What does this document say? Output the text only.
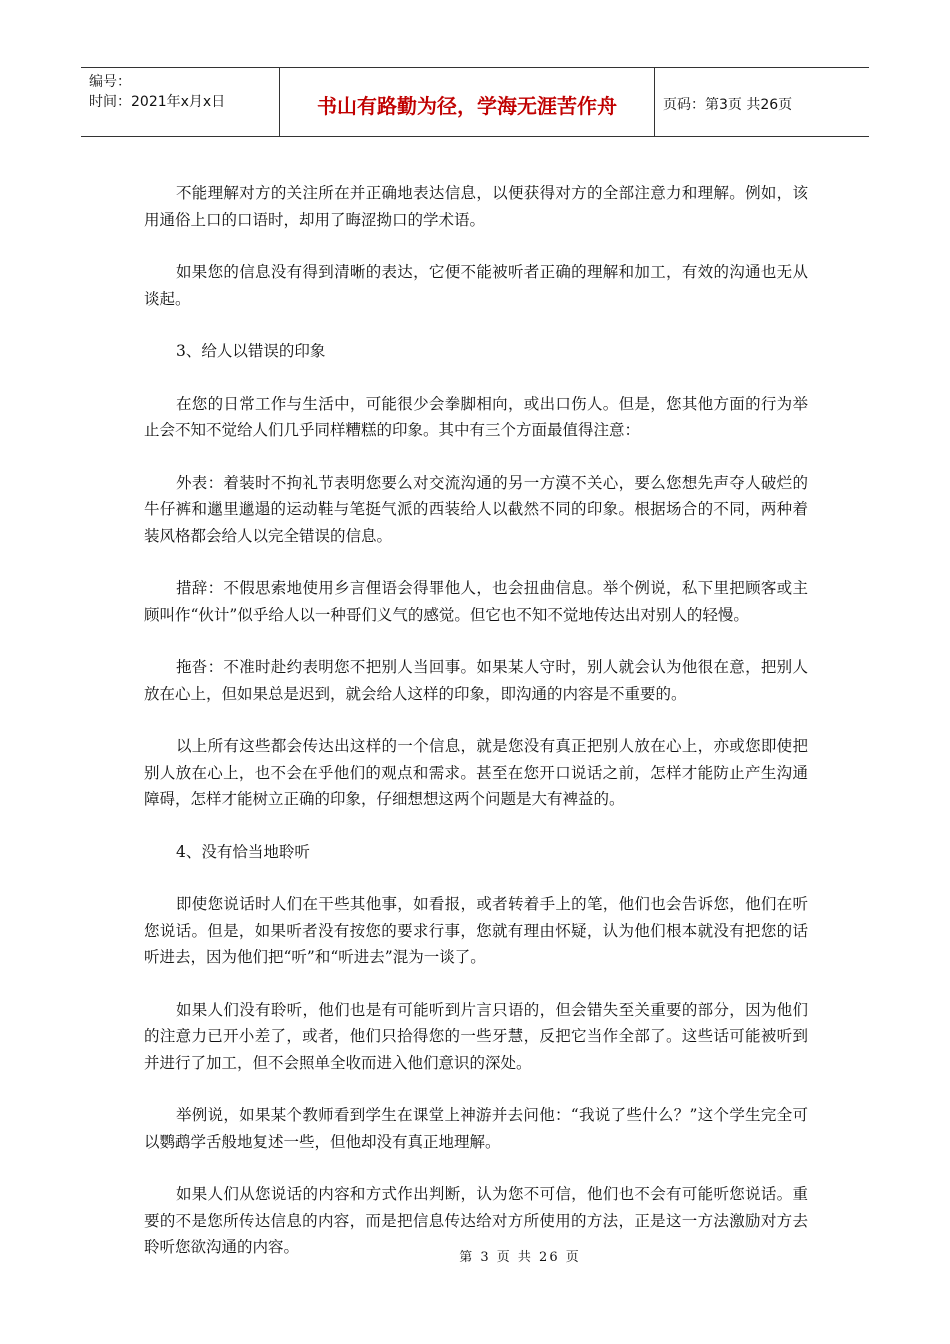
编号：
时间：2021年x月x日	书山有路勤为径，学海无涯苦作舟	页码：第3页 共26页

不能理解对方的关注所在并正确地表达信息，以便获得对方的全部注意力和理解。例如，该用通俗上口的口语时，却用了晦涩拗口的学术语。

如果您的信息没有得到清晰的表达，它便不能被听者正确的理解和加工，有效的沟通也无从谈起。

3、给人以错误的印象

在您的日常工作与生活中，可能很少会拳脚相向，或出口伤人。但是，您其他方面的行为举止会不知不觉给人们几乎同样糟糕的印象。其中有三个方面最值得注意：

外表：着装时不拘礼节表明您要么对交流沟通的另一方漠不关心，要么您想先声夺人破烂的牛仔裤和邋里邋遢的运动鞋与笔挺气派的西装给人以截然不同的印象。根据场合的不同，两种着装风格都会给人以完全错误的信息。

措辞：不假思索地使用乡言俚语会得罪他人，也会扭曲信息。举个例说，私下里把顾客或主顾叫作“伙计”似乎给人以一种哥们义气的感觉。但它也不知不觉地传达出对别人的轻慢。

拖沓：不准时赴约表明您不把别人当回事。如果某人守时，别人就会认为他很在意，把别人放在心上，但如果总是迟到，就会给人这样的印象，即沟通的内容是不重要的。

以上所有这些都会传达出这样的一个信息，就是您没有真正把别人放在心上，亦或您即使把别人放在心上，也不会在乎他们的观点和需求。甚至在您开口说话之前，怎样才能防止产生沟通障碍，怎样才能树立正确的印象，仔细想想这两个问题是大有裨益的。

4、没有恰当地聆听

即使您说话时人们在干些其他事，如看报，或者转着手上的笔，他们也会告诉您，他们在听您说话。但是，如果听者没有按您的要求行事，您就有理由怀疑，认为他们根本就没有把您的话听进去，因为他们把“听”和“听进去”混为一谈了。

如果人们没有聆听，他们也是有可能听到片言只语的，但会错失至关重要的部分，因为他们的注意力已开小差了，或者，他们只拾得您的一些牙慧，反把它当作全部了。这些话可能被听到并进行了加工，但不会照单全收而进入他们意识的深处。

举例说，如果某个教师看到学生在课堂上神游并去问他：“我说了些什么？”这个学生完全可以鹦鹉学舌般地复述一些，但他却没有真正地理解。

如果人们从您说话的内容和方式作出判断，认为您不可信，他们也不会有可能听您说话。重要的不是您所传达信息的内容，而是把信息传达给对方所使用的方法，正是这一方法激励对方去聆听您欲沟通的内容。

第 3 页 共 26 页
